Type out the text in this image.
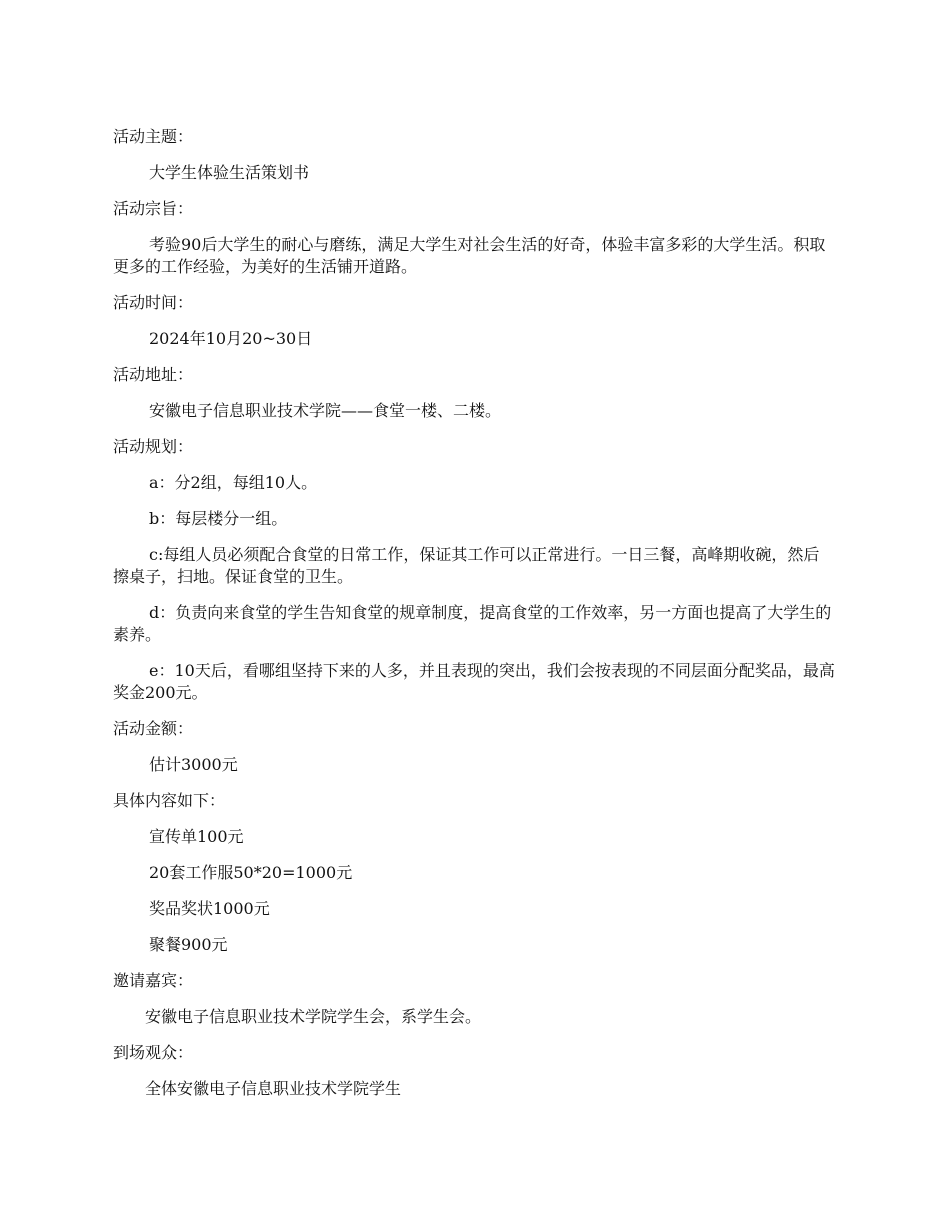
活动主题：

大学生体验生活策划书

活动宗旨：

考验90后大学生的耐心与磨练，满足大学生对社会生活的好奇，体验丰富多彩的大学生活。积取更多的工作经验，为美好的生活铺开道路。

活动时间：

2024年10月20~30日

活动地址：

安徽电子信息职业技术学院——食堂一楼、二楼。

活动规划：

a：分2组，每组10人。

b：每层楼分一组。

c:每组人员必须配合食堂的日常工作，保证其工作可以正常进行。一日三餐，高峰期收碗，然后擦桌子，扫地。保证食堂的卫生。

d：负责向来食堂的学生告知食堂的规章制度，提高食堂的工作效率，另一方面也提高了大学生的素养。

e：10天后，看哪组坚持下来的人多，并且表现的突出，我们会按表现的不同层面分配奖品，最高奖金200元。

活动金额：

估计3000元

具体内容如下：

宣传单100元

20套工作服50*20=1000元

奖品奖状1000元

聚餐900元

邀请嘉宾：

安徽电子信息职业技术学院学生会，系学生会。

到场观众：

全体安徽电子信息职业技术学院学生
